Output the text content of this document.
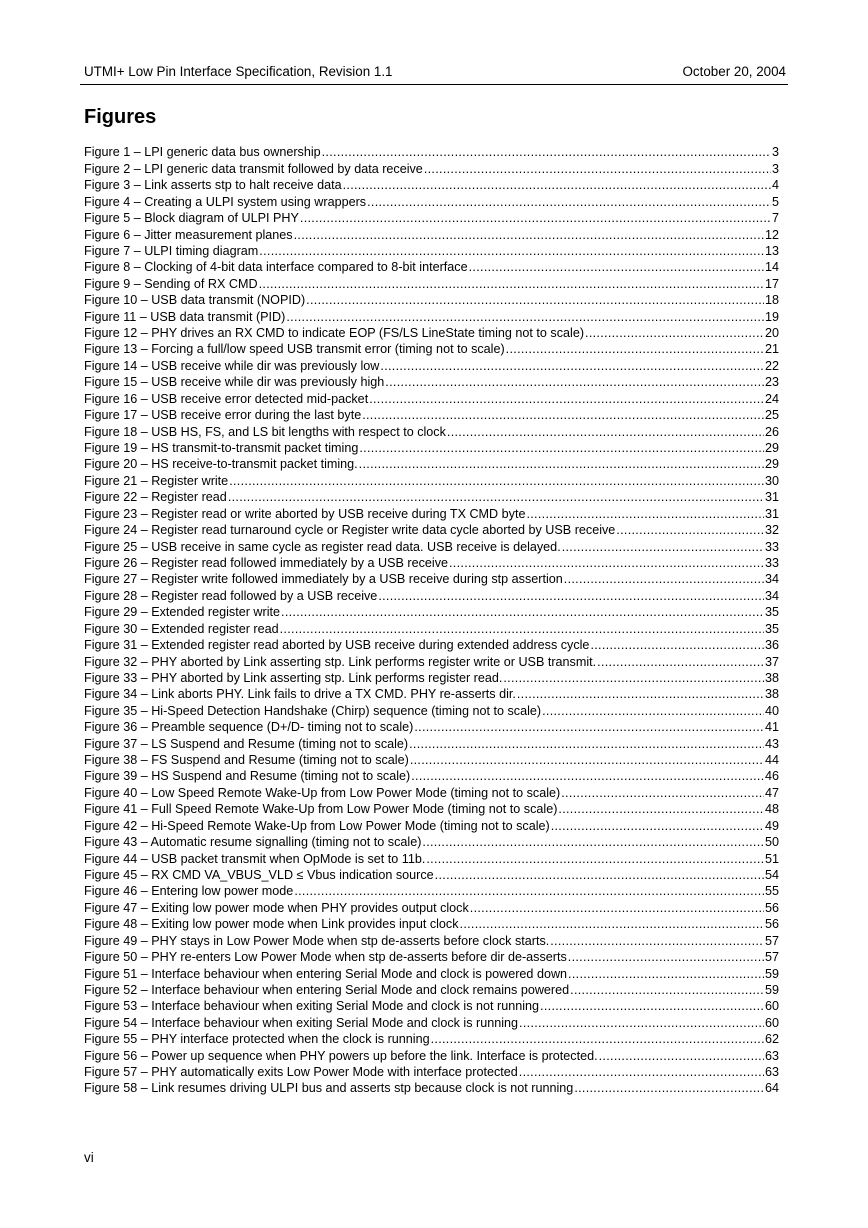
UTMI+ Low Pin Interface Specification, Revision 1.1	October 20, 2004
Figures
Figure 1 – LPI generic data bus ownership .....	3
Figure 2 – LPI generic data transmit followed by data receive .....	3
Figure 3 – Link asserts stp to halt receive data .....	4
Figure 4 – Creating a ULPI system using wrappers .....	5
Figure 5 – Block diagram of ULPI PHY .....	7
Figure 6 – Jitter measurement planes .....	12
Figure 7 – ULPI timing diagram .....	13
Figure 8 – Clocking of 4-bit data interface compared to 8-bit interface .....	14
Figure 9 – Sending of RX CMD .....	17
Figure 10 – USB data transmit (NOPID) .....	18
Figure 11 – USB data transmit (PID) .....	19
Figure 12 – PHY drives an RX CMD to indicate EOP (FS/LS LineState timing not to scale) .....	20
Figure 13 – Forcing a full/low speed USB transmit error (timing not to scale) .....	21
Figure 14 – USB receive while dir was previously low .....	22
Figure 15 – USB receive while dir was previously high .....	23
Figure 16 – USB receive error detected mid-packet .....	24
Figure 17 – USB receive error during the last byte .....	25
Figure 18 – USB HS, FS, and LS bit lengths with respect to clock .....	26
Figure 19 – HS transmit-to-transmit packet timing .....	29
Figure 20 – HS receive-to-transmit packet timing. .....	29
Figure 21 – Register write .....	30
Figure 22 – Register read .....	31
Figure 23 – Register read or write aborted by USB receive during TX CMD byte .....	31
Figure 24 – Register read turnaround cycle or Register write data cycle aborted by USB receive .....	32
Figure 25 – USB receive in same cycle as register read data. USB receive is delayed. .....	33
Figure 26 – Register read followed immediately by a USB receive .....	33
Figure 27 – Register write followed immediately by a USB receive during stp assertion .....	34
Figure 28 – Register read followed by a USB receive .....	34
Figure 29 – Extended register write .....	35
Figure 30 – Extended register read .....	35
Figure 31 – Extended register read aborted by USB receive during extended address cycle .....	36
Figure 32 – PHY aborted by Link asserting stp. Link performs register write or USB transmit. .....	37
Figure 33 – PHY aborted by Link asserting stp. Link performs register read. .....	38
Figure 34 – Link aborts PHY. Link fails to drive a TX CMD. PHY re-asserts dir. .....	38
Figure 35 – Hi-Speed Detection Handshake (Chirp) sequence (timing not to scale) .....	40
Figure 36 – Preamble sequence (D+/D- timing not to scale) .....	41
Figure 37 – LS Suspend and Resume (timing not to scale) .....	43
Figure 38 – FS Suspend and Resume (timing not to scale) .....	44
Figure 39 – HS Suspend and Resume (timing not to scale) .....	46
Figure 40 – Low Speed Remote Wake-Up from Low Power Mode (timing not to scale) .....	47
Figure 41 – Full Speed Remote Wake-Up from Low Power Mode (timing not to scale) .....	48
Figure 42 – Hi-Speed Remote Wake-Up from Low Power Mode (timing not to scale) .....	49
Figure 43 – Automatic resume signalling (timing not to scale) .....	50
Figure 44 – USB packet transmit when OpMode is set to 11b. .....	51
Figure 45 – RX CMD VA_VBUS_VLD ≤ Vbus indication source .....	54
Figure 46 – Entering low power mode .....	55
Figure 47 – Exiting low power mode when PHY provides output clock .....	56
Figure 48 – Exiting low power mode when Link provides input clock .....	56
Figure 49 – PHY stays in Low Power Mode when stp de-asserts before clock starts. .....	57
Figure 50 – PHY re-enters Low Power Mode when stp de-asserts before dir de-asserts .....	57
Figure 51 – Interface behaviour when entering Serial Mode and clock is powered down .....	59
Figure 52 – Interface behaviour when entering Serial Mode and clock remains powered .....	59
Figure 53 – Interface behaviour when exiting Serial Mode and clock is not running .....	60
Figure 54 – Interface behaviour when exiting Serial Mode and clock is running .....	60
Figure 55 – PHY interface protected when the clock is running .....	62
Figure 56 – Power up sequence when PHY powers up before the link. Interface is protected. .....	63
Figure 57 – PHY automatically exits Low Power Mode with interface protected .....	63
Figure 58 – Link resumes driving ULPI bus and asserts stp because clock is not running .....	64
vi
